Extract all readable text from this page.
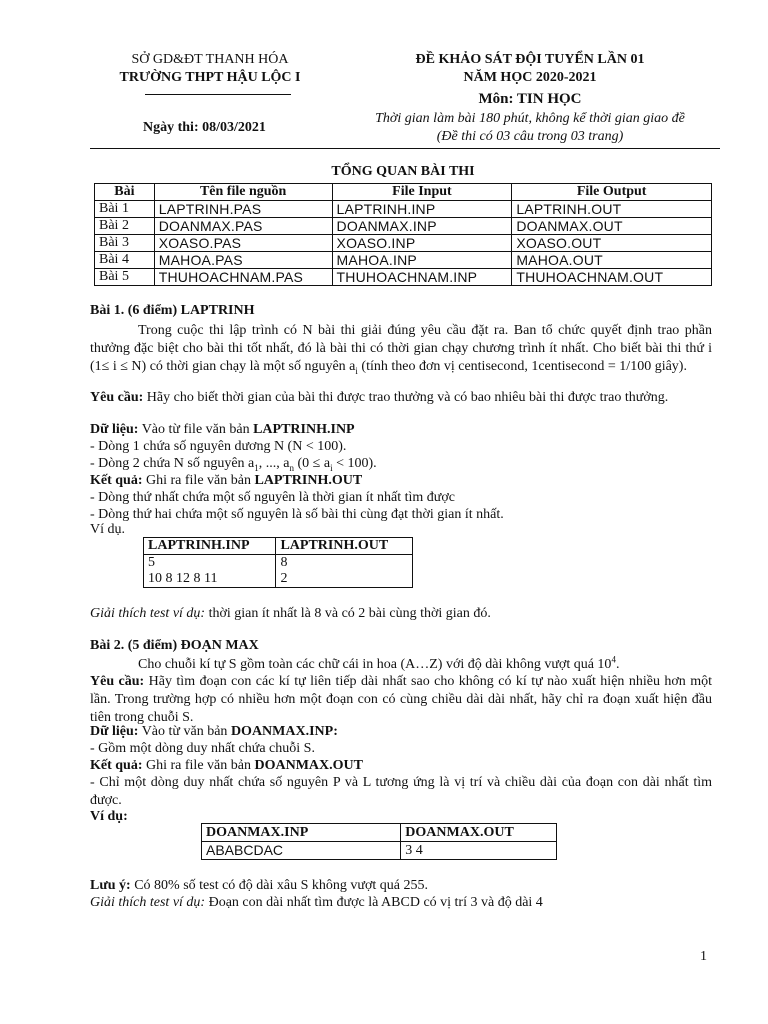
SỞ GD&ĐT THANH HÓA
TRƯỜNG THPT HẬU LỘC I
Ngày thi: 08/03/2021
ĐỀ KHẢO SÁT ĐỘI TUYỂN LẦN 01
NĂM HỌC 2020-2021
Môn: TIN HỌC
Thời gian làm bài 180 phút, không kể thời gian giao đề
(Đề thi có 03 câu trong 03 trang)
TỔNG QUAN BÀI THI
Bài	Tên file nguồn	File Input	File Output
Bài 1	LAPTRINH.PAS	LAPTRINH.INP	LAPTRINH.OUT
Bài 2	DOANMAX.PAS	DOANMAX.INP	DOANMAX.OUT
Bài 3	XOASO.PAS	XOASO.INP	XOASO.OUT
Bài 4	MAHOA.PAS	MAHOA.INP	MAHOA.OUT
Bài 5	THUHOACHNAM.PAS	THUHOACHNAM.INP	THUHOACHNAM.OUT
Bài 1. (6 điểm) LAPTRINH
Trong cuộc thi lập trình có N bài thi giải đúng yêu cầu đặt ra. Ban tổ chức quyết định trao phần thưởng đặc biệt cho bài thi tốt nhất, đó là bài thi có thời gian chạy chương trình ít nhất. Cho biết bài thi thứ i (1≤ i ≤ N) có thời gian chạy là một số nguyên $a_i$ (tính theo đơn vị centisecond, 1centisecond = 1/100 giây).
Yêu cầu: Hãy cho biết thời gian của bài thi được trao thưởng và có bao nhiêu bài thi được trao thưởng.
Dữ liệu: Vào từ file văn bản LAPTRINH.INP
- Dòng 1 chứa số nguyên dương N (N < 100).
- Dòng 2 chứa N số nguyên $a_1$, ..., $a_n$ $(0 \le a_i < 100)$.
Kết quả: Ghi ra file văn bản LAPTRINH.OUT
- Dòng thứ nhất chứa một số nguyên là thời gian ít nhất tìm được
- Dòng thứ hai chứa một số nguyên là số bài thi cùng đạt thời gian ít nhất.
Ví dụ.
LAPTRINH.INP	LAPTRINH.OUT
5	8
10 8 12 8 11	2
Giải thích test ví dụ: thời gian ít nhất là 8 và có 2 bài cùng thời gian đó.
Bài 2. (5 điểm) ĐOẠN MAX
Cho chuỗi kí tự S gồm toàn các chữ cái in hoa (A…Z) với độ dài không vượt quá $10^4$.
Yêu cầu: Hãy tìm đoạn con các kí tự liên tiếp dài nhất sao cho không có kí tự nào xuất hiện nhiều hơn một lần. Trong trường hợp có nhiều hơn một đoạn con có cùng chiều dài dài nhất, hãy chỉ ra đoạn xuất hiện đầu tiên trong chuỗi S.
Dữ liệu: Vào từ văn bản DOANMAX.INP:
- Gồm một dòng duy nhất chứa chuỗi S.
Kết quả: Ghi ra file văn bản DOANMAX.OUT
- Chỉ một dòng duy nhất chứa số nguyên P và L tương ứng là vị trí và chiều dài của đoạn con dài nhất tìm được.
Ví dụ:
DOANMAX.INP	DOANMAX.OUT
ABABCDAC	3 4
Lưu ý: Có 80% số test có độ dài xâu S không vượt quá 255.
Giải thích test ví dụ: Đoạn con dài nhất tìm được là ABCD có vị trí 3 và độ dài 4
1
